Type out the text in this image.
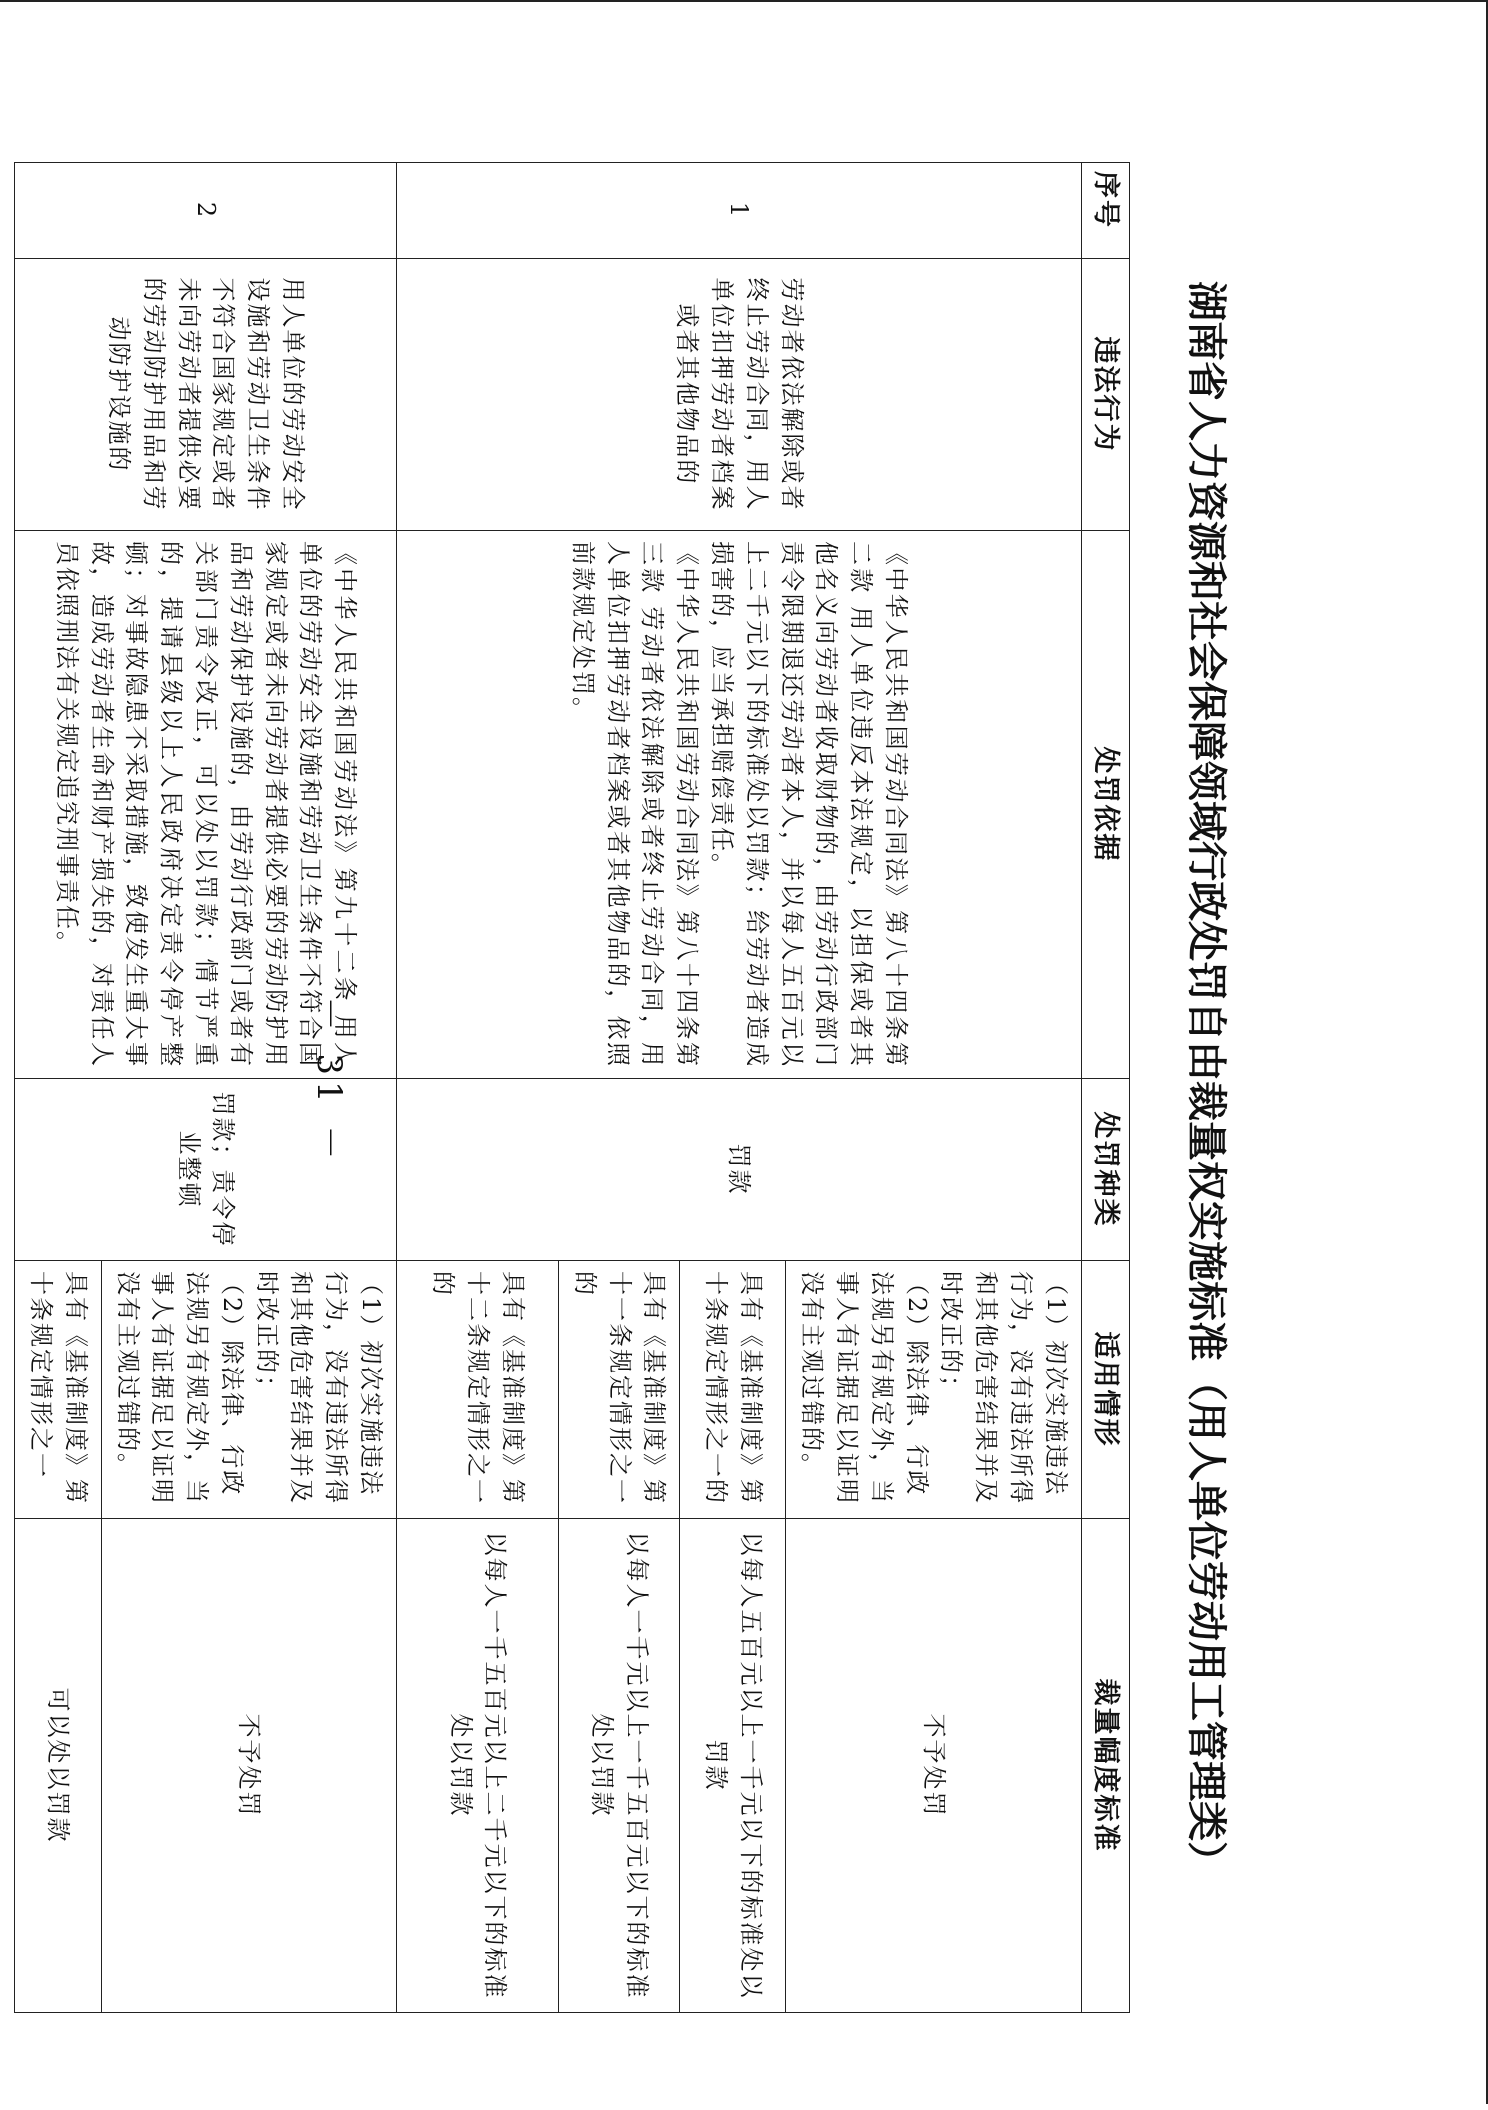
湖南省人力资源和社会保障领域行政处罚自由裁量权实施标准（用人单位劳动用工管理类）
序号	违法行为	处罚依据	处罚种类	适用情形	裁量幅度标准
1	劳动者依法解除或者终止劳动合同，用人单位扣押劳动者档案或者其他物品的	《中华人民共和国劳动合同法》第八十四条第二款 用人单位违反本法规定，以担保或者其他名义向劳动者收取财物的，由劳动行政部门责令限期退还劳动者本人，并以每人五百元以上二千元以下的标准处以罚款；给劳动者造成损害的，应当承担赔偿责任。
《中华人民共和国劳动合同法》第八十四条第三款 劳动者依法解除或者终止劳动合同，用人单位扣押劳动者档案或者其他物品的，依照前款规定处罚。	罚款	（1）初次实施违法行为，没有违法所得和其他危害结果并及时改正的；
（2）除法律、行政法规另有规定外，当事人有证据足以证明没有主观过错的。	不予处罚
				具有《基准制度》第十条规定情形之一的	以每人五百元以上一千元以下的标准处以罚款
				具有《基准制度》第十一条规定情形之一的	以每人一千元以上一千五百元以下的标准处以罚款
				具有《基准制度》第十二条规定情形之一的	以每人一千五百元以上二千元以下的标准处以罚款
2	用人单位的劳动安全设施和劳动卫生条件不符合国家规定或者未向劳动者提供必要的劳动防护用品和劳动防护设施的	《中华人民共和国劳动法》第九十二条 用人单位的劳动安全设施和劳动卫生条件不符合国家规定或者未向劳动者提供必要的劳动防护用品和劳动保护设施的，由劳动行政部门或者有关部门责令改正，可以处以罚款；情节严重的，提请县级以上人民政府决定责令停产整顿；对事故隐患不采取措施，致使发生重大事故，造成劳动者生命和财产损失的，对责任人员依照刑法有关规定追究刑事责任。	罚款；责令停业整顿	（1）初次实施违法行为，没有违法所得和其他危害结果并及时改正的；
（2）除法律、行政法规另有规定外，当事人有证据足以证明没有主观过错的。	不予处罚
				具有《基准制度》第十条规定情形之一	可以处以罚款
－ 31 －
